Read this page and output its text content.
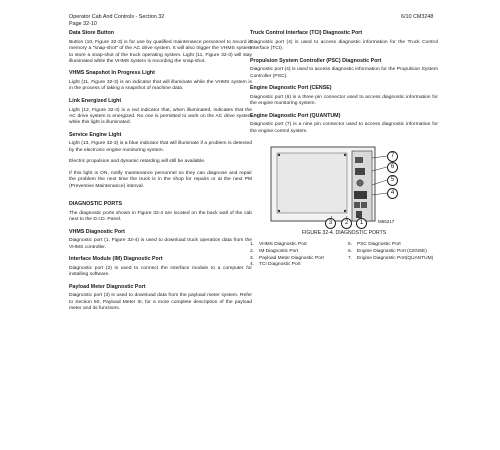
Operator Cab And Controls - Section 32
Page 32-10
6/10 CM3248
Data Store Button

Button (10, Figure 32-3) is for use by qualified maintenance personnel to record in memory a “snap-shot” of the AC drive system. It will also trigger the VHMS system to store a snap-shot of the truck operating system. Light (11, Figure 32-3) will stay illuminated while the VHMS system is recording the snap-shot.

VHMS Snapshot In Progress Light

Light (11, Figure 32-3) is an indicator that will illuminate while the VHMS system is in the process of taking a snapshot of machine data.

Link Energized Light

Light (12, Figure 32-3) is a red indicator that, when illuminated, indicates that the AC drive system is energized. No one is permitted to work on the AC drive system while this light is illuminated.

Service Engine Light

Light (13, Figure 32-3) is a blue indicator that will illuminate if a problem is detected by the electronic engine monitoring system.

Electric propulsion and dynamic retarding will still be available.

If this light is ON, notify maintenance personnel so they can diagnose and repair the problem the next time the truck is in the shop for repairs or at the next PM (Preventive Maintenance) interval.

DIAGNOSTIC PORTS

The diagnostic ports shown in Figure 32-4 are located on the back wall of the cab next to the D.I.D. Panel.

VHMS Diagnostic Port

Diagnostic port (1, Figure 32-4) is used to download truck operation data from the VHMS controller.

Interface Module (IM) Diagnostic Port

Diagnostic port (2) is used to connect the interface module to a computer for installing software.

Payload Meter Diagnostic Port

Diagnostic port (3) is used to download data from the payload meter system. Refer to Section 60, Payload Meter III, for a more complete description of the payload meter and its functions.

Truck Control Interface (TCI) Diagnostic Port

Diagnostic port (4) is used to access diagnostic information for the Truck Control Interface (TCI).

Propulsion System Controller (PSC) Diagnostic Port

Diagnostic port (4) is used to access diagnostic information for the Propulsion System Controller (PSC).

Engine Diagnostic Port (CENSE)

Diagnostic port (6) is a three pin connector used to access diagnostic information for the engine monitoring system.

Engine Diagnostic Port (QUANTUM)

Diagnostic port (7) is a nine pin connector used to access diagnostic information for the engine control system.

7
6
5
4
3	2	1	M55217
FIGURE 32-4. DIAGNOSTIC PORTS
1.	VHMS Diagnostic Port	5.	PSC Diagnostic Port
2.	IM Diagnostic Port	6.	Engine Diagnostic Port (CENSE)
3.	Payload Meter Diagnostic Port	7.	Engine Diagnostic Port(QUANTUM)
4.	TCI Diagnostic Port
